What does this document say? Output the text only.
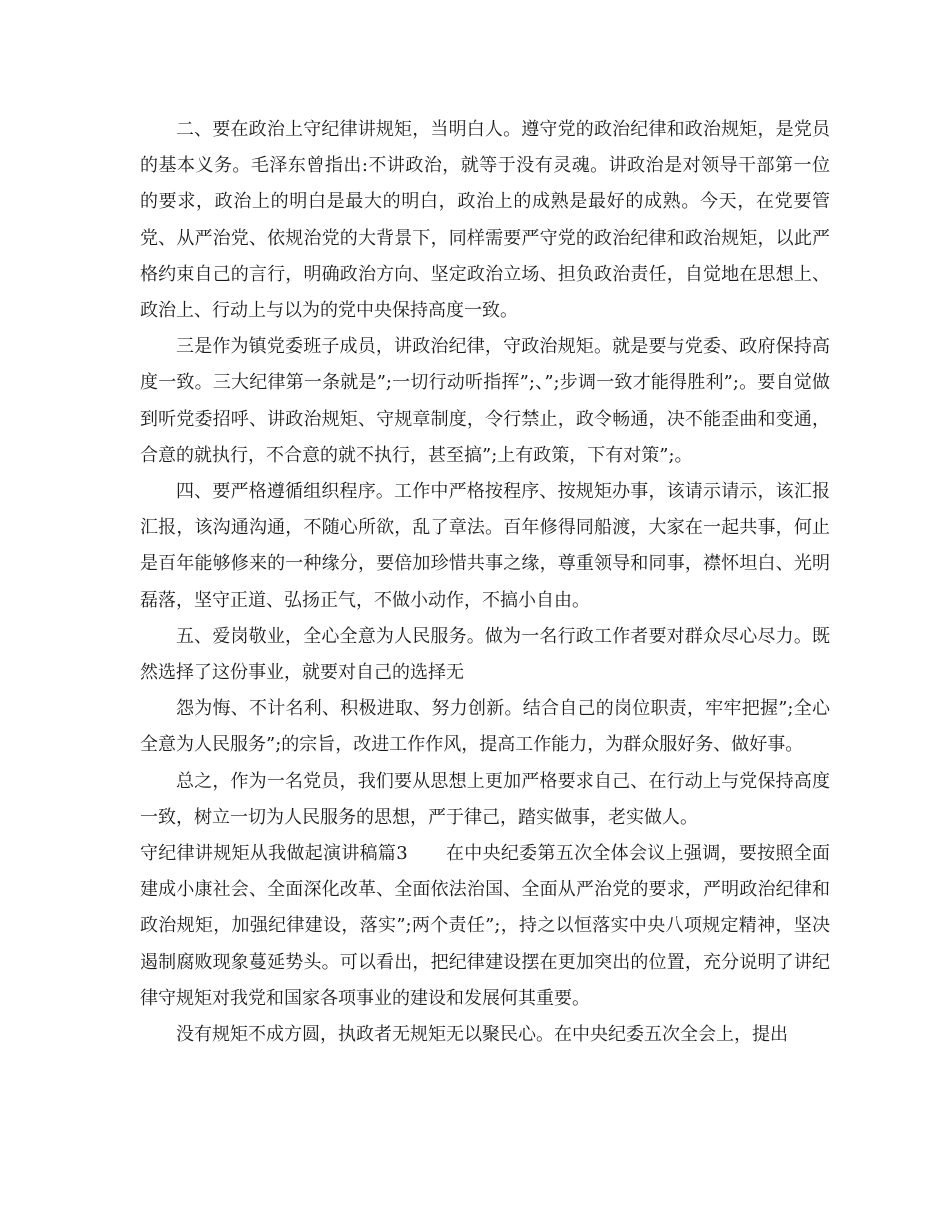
二、要在政治上守纪律讲规矩，当明白人。遵守党的政治纪律和政治规矩，是党员的基本义务。毛泽东曾指出:不讲政治，就等于没有灵魂。讲政治是对领导干部第一位的要求，政治上的明白是最大的明白，政治上的成熟是最好的成熟。今天，在党要管党、从严治党、依规治党的大背景下，同样需要严守党的政治纪律和政治规矩，以此严格约束自己的言行，明确政治方向、坚定政治立场、担负政治责任，自觉地在思想上、政治上、行动上与以为的党中央保持高度一致。

三是作为镇党委班子成员，讲政治纪律，守政治规矩。就是要与党委、政府保持高度一致。三大纪律第一条就是”;一切行动听指挥”;、”;步调一致才能得胜利”;。要自觉做到听党委招呼、讲政治规矩、守规章制度，令行禁止，政令畅通，决不能歪曲和变通，合意的就执行，不合意的就不执行，甚至搞”;上有政策，下有对策”;。

四、要严格遵循组织程序。工作中严格按程序、按规矩办事，该请示请示，该汇报汇报，该沟通沟通，不随心所欲，乱了章法。百年修得同船渡，大家在一起共事，何止是百年能够修来的一种缘分，要倍加珍惜共事之缘，尊重领导和同事，襟怀坦白、光明磊落，坚守正道、弘扬正气，不做小动作，不搞小自由。

五、爱岗敬业，全心全意为人民服务。做为一名行政工作者要对群众尽心尽力。既然选择了这份事业，就要对自己的选择无

怨为悔、不计名利、积极进取、努力创新。结合自己的岗位职责，牢牢把握”;全心全意为人民服务”;的宗旨，改进工作作风，提高工作能力，为群众服好务、做好事。

总之，作为一名党员，我们要从思想上更加严格要求自己、在行动上与党保持高度一致，树立一切为人民服务的思想，严于律己，踏实做事，老实做人。

守纪律讲规矩从我做起演讲稿篇3 在中央纪委第五次全体会议上强调，要按照全面建成小康社会、全面深化改革、全面依法治国、全面从严治党的要求，严明政治纪律和政治规矩，加强纪律建设，落实”;两个责任”;，持之以恒落实中央八项规定精神，坚决遏制腐败现象蔓延势头。可以看出，把纪律建设摆在更加突出的位置，充分说明了讲纪律守规矩对我党和国家各项事业的建设和发展何其重要。

没有规矩不成方圆，执政者无规矩无以聚民心。在中央纪委五次全会上，提出
